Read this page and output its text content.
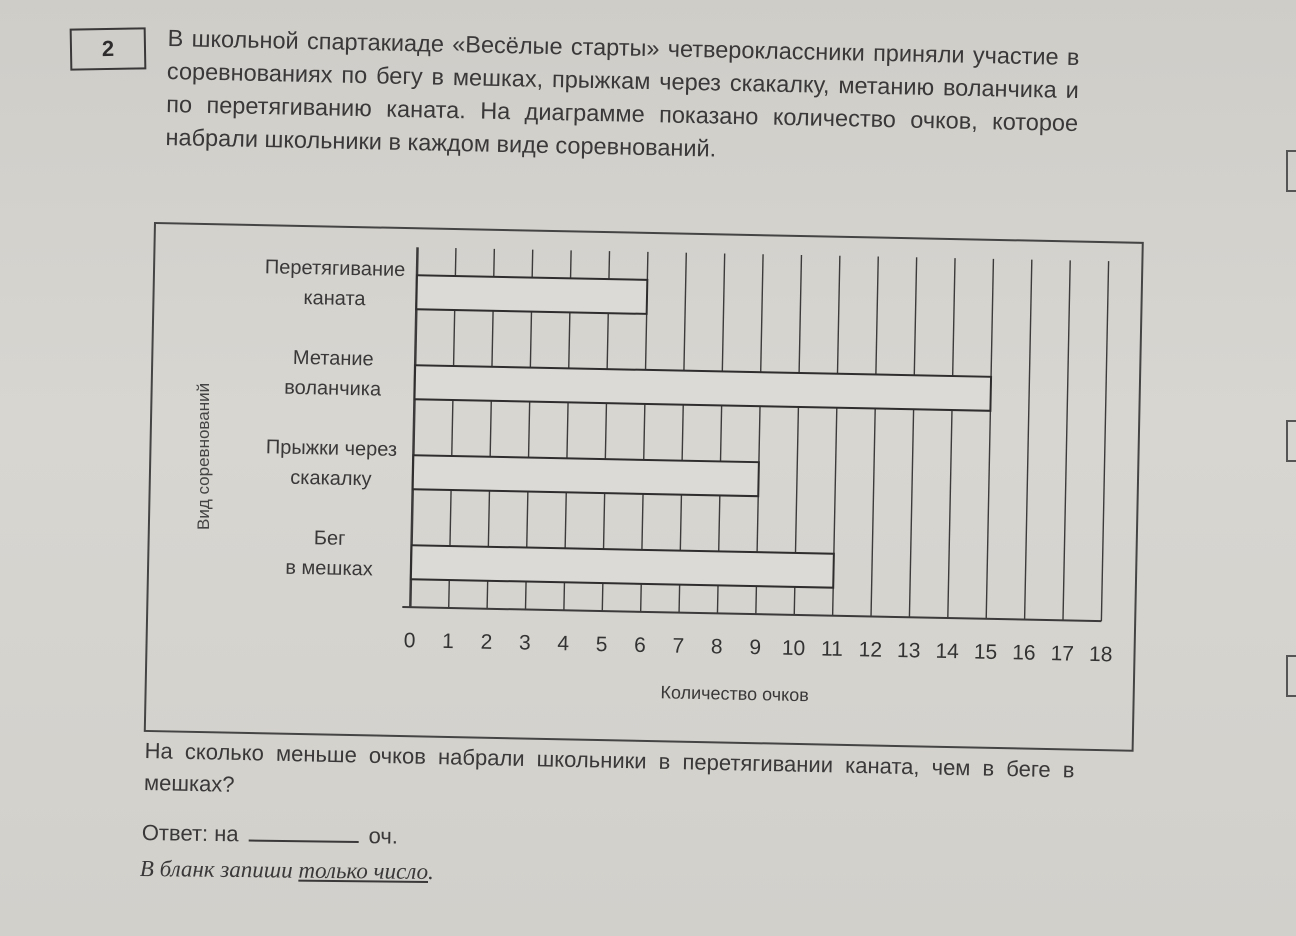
2	В школьной спартакиаде «Весёлые старты» четвероклассники приняли участие в соревнованиях по бегу в мешках, прыжкам через скакалку, метанию воланчика и по перетягиванию каната. На диаграмме показано количество очков, которое набрали школьники в каждом виде соревнований.
Перетягивание
каната
Метание
воланчика
Прыжки через
скакалку
Бег
в мешках
0 1 2 3 4 5 6 7 8 9 10 11 12 13 14 15 16 17 18
Количество очков
Вид соревнований
На сколько меньше очков набрали школьники в перетягивании каната, чем в беге в мешках?
Ответ: на	оч.
В бланк запиши только число.
